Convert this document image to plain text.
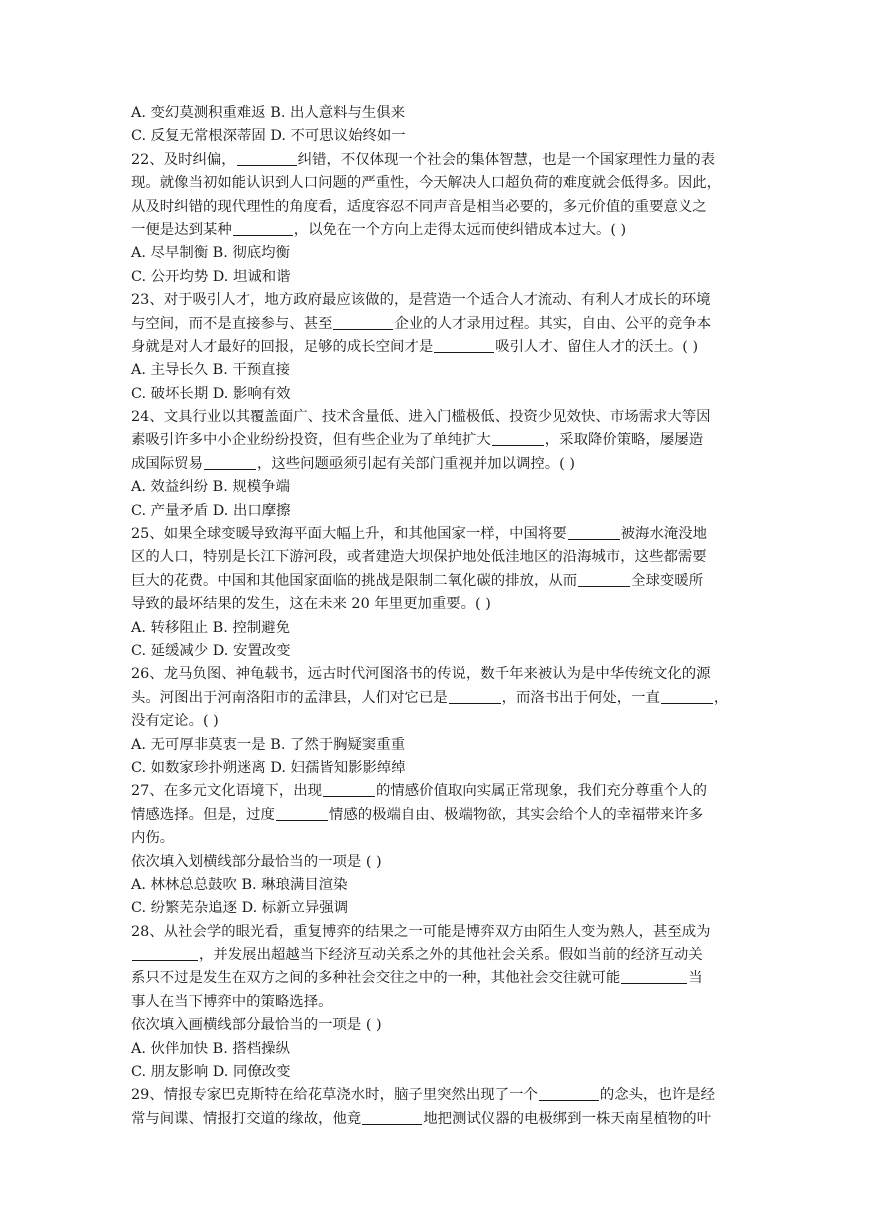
A. 变幻莫测积重难返 B. 出人意料与生俱来
C. 反复无常根深蒂固 D. 不可思议始终如一
22、及时纠偏，	纠错，不仅体现一个社会的集体智慧，也是一个国家理性力量的表
现。就像当初如能认识到人口问题的严重性，今天解决人口超负荷的难度就会低得多。因此，
从及时纠错的现代理性的角度看，适度容忍不同声音是相当必要的，多元价值的重要意义之
一便是达到某种	，以免在一个方向上走得太远而使纠错成本过大。( )
A. 尽早制衡 B. 彻底均衡
C. 公开均势 D. 坦诚和谐
23、对于吸引人才，地方政府最应该做的，是营造一个适合人才流动、有利人才成长的环境
与空间，而不是直接参与、甚至	企业的人才录用过程。其实，自由、公平的竞争本
身就是对人才最好的回报，足够的成长空间才是	吸引人才、留住人才的沃土。( )
A. 主导长久 B. 干预直接
C. 破坏长期 D. 影响有效
24、文具行业以其覆盖面广、技术含量低、进入门槛极低、投资少见效快、市场需求大等因
素吸引许多中小企业纷纷投资，但有些企业为了单纯扩大	，采取降价策略，屡屡造
成国际贸易	，这些问题亟须引起有关部门重视并加以调控。( )
A. 效益纠纷 B. 规模争端
C. 产量矛盾 D. 出口摩擦
25、如果全球变暖导致海平面大幅上升，和其他国家一样，中国将要	被海水淹没地
区的人口，特别是长江下游河段，或者建造大坝保护地处低洼地区的沿海城市，这些都需要
巨大的花费。中国和其他国家面临的挑战是限制二氧化碳的排放，从而	全球变暖所
导致的最坏结果的发生，这在未来 20 年里更加重要。( )
A. 转移阻止 B. 控制避免
C. 延缓减少 D. 安置改变
26、龙马负图、神龟载书，远古时代河图洛书的传说，数千年来被认为是中华传统文化的源
头。河图出于河南洛阳市的孟津县，人们对它已是	，而洛书出于何处，一直	，
没有定论。( )
A. 无可厚非莫衷一是 B. 了然于胸疑窦重重
C. 如数家珍扑朔迷离 D. 妇孺皆知影影绰绰
27、在多元文化语境下，出现	的情感价值取向实属正常现象，我们充分尊重个人的
情感选择。但是，过度	情感的极端自由、极端物欲，其实会给个人的幸福带来许多
内伤。
依次填入划横线部分最恰当的一项是 ( )
A. 林林总总鼓吹 B. 琳琅满目渲染
C. 纷繁芜杂追逐 D. 标新立异强调
28、从社会学的眼光看，重复博弈的结果之一可能是博弈双方由陌生人变为熟人，甚至成为
，并发展出超越当下经济互动关系之外的其他社会关系。假如当前的经济互动关
系只不过是发生在双方之间的多种社会交往之中的一种，其他社会交往就可能	当
事人在当下博弈中的策略选择。
依次填入画横线部分最恰当的一项是 ( )
A. 伙伴加快 B. 搭档操纵
C. 朋友影响 D. 同僚改变
29、情报专家巴克斯特在给花草浇水时，脑子里突然出现了一个	的念头，也许是经
常与间谍、情报打交道的缘故，他竟	地把测试仪器的电极绑到一株天南星植物的叶
